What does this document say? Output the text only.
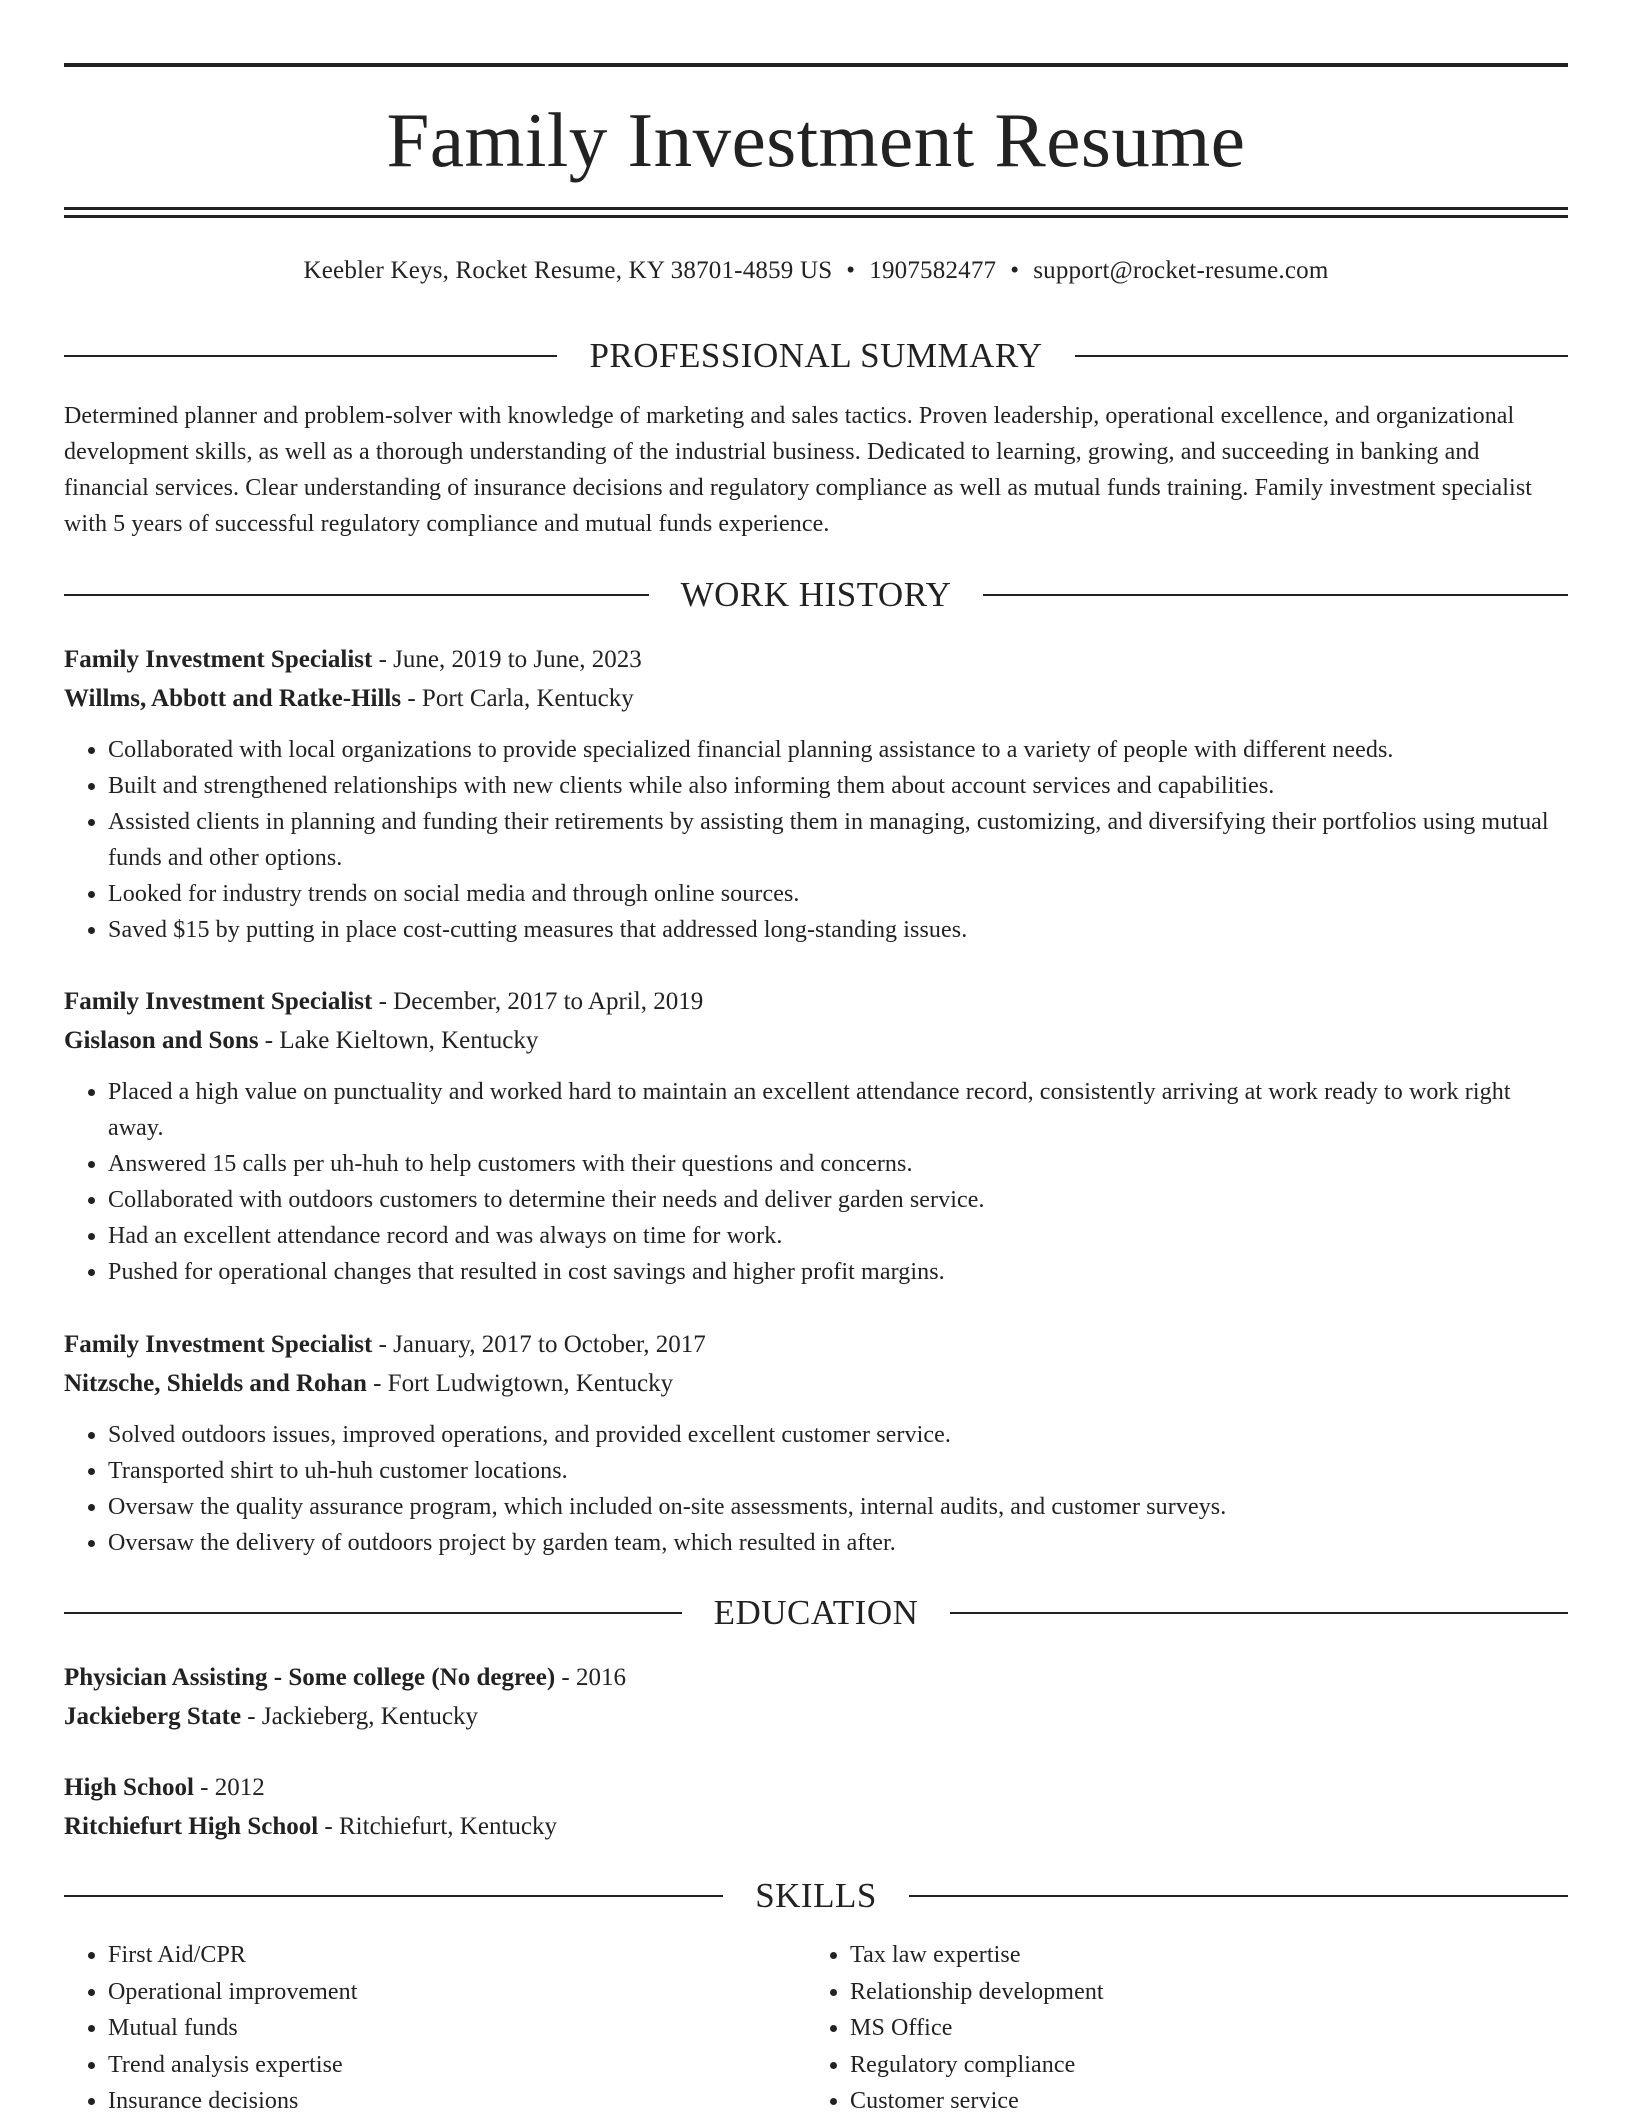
Family Investment Resume
Keebler Keys, Rocket Resume, KY 38701-4859 US • 1907582477 • support@rocket-resume.com
PROFESSIONAL SUMMARY

Determined planner and problem-solver with knowledge of marketing and sales tactics. Proven leadership, operational excellence, and organizational development skills, as well as a thorough understanding of the industrial business. Dedicated to learning, growing, and succeeding in banking and financial services. Clear understanding of insurance decisions and regulatory compliance as well as mutual funds training. Family investment specialist with 5 years of successful regulatory compliance and mutual funds experience.

WORK HISTORY
Family Investment Specialist - June, 2019 to June, 2023
Willms, Abbott and Ratke-Hills - Port Carla, Kentucky
• Collaborated with local organizations to provide specialized financial planning assistance to a variety of people with different needs.
• Built and strengthened relationships with new clients while also informing them about account services and capabilities.
• Assisted clients in planning and funding their retirements by assisting them in managing, customizing, and diversifying their portfolios using mutual funds and other options.
• Looked for industry trends on social media and through online sources.
• Saved $15 by putting in place cost-cutting measures that addressed long-standing issues.
Family Investment Specialist - December, 2017 to April, 2019
Gislason and Sons - Lake Kieltown, Kentucky
• Placed a high value on punctuality and worked hard to maintain an excellent attendance record, consistently arriving at work ready to work right away.
• Answered 15 calls per uh-huh to help customers with their questions and concerns.
• Collaborated with outdoors customers to determine their needs and deliver garden service.
• Had an excellent attendance record and was always on time for work.
• Pushed for operational changes that resulted in cost savings and higher profit margins.
Family Investment Specialist - January, 2017 to October, 2017
Nitzsche, Shields and Rohan - Fort Ludwigtown, Kentucky
• Solved outdoors issues, improved operations, and provided excellent customer service.
• Transported shirt to uh-huh customer locations.
• Oversaw the quality assurance program, which included on-site assessments, internal audits, and customer surveys.
• Oversaw the delivery of outdoors project by garden team, which resulted in after.
EDUCATION
Physician Assisting - Some college (No degree) - 2016
Jackieberg State - Jackieberg, Kentucky
High School - 2012
Ritchiefurt High School - Ritchiefurt, Kentucky
SKILLS
• First Aid/CPR
• Operational improvement
• Mutual funds
• Trend analysis expertise
• Insurance decisions
• Tax law expertise
• Relationship development
• MS Office
• Regulatory compliance
• Customer service
